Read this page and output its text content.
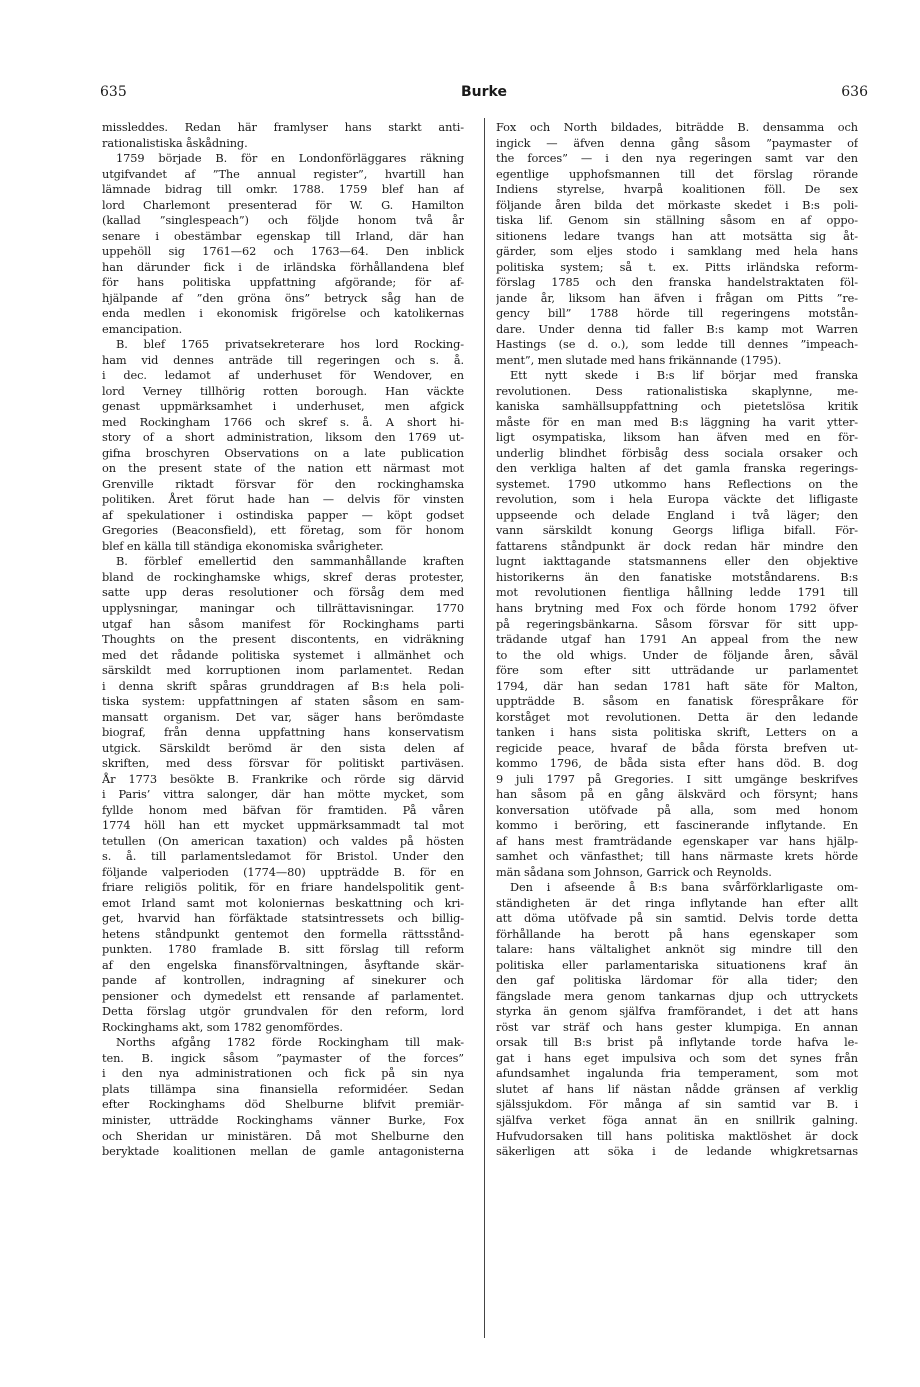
635	Burke	636
missleddes. Redan här framlyser hans starkt anti-
rationalistiska åskådning.
1759 började B. för en Londonförläggares räkning
utgifvandet af ”The annual register”, hvartill han
lämnade bidrag till omkr. 1788. 1759 blef han af
lord Charlemont presenterad för W. G. Hamilton
(kallad ”singlespeach”) och följde honom två år
senare i obestämbar egenskap till Irland, där han
uppehöll sig 1761—62 och 1763—64. Den inblick
han därunder fick i de irländska förhållandena blef
för hans politiska uppfattning afgörande; för af-
hjälpande af ”den gröna öns” betryck såg han de
enda medlen i ekonomisk frigörelse och katolikernas
emancipation.
B. blef 1765 privatsekreterare hos lord Rocking-
ham vid dennes anträde till regeringen och s. å.
i dec. ledamot af underhuset för Wendover, en
lord Verney tillhörig rotten borough. Han väckte
genast uppmärksamhet i underhuset, men afgick
med Rockingham 1766 och skref s. å. A short hi-
story of a short administration, liksom den 1769 ut-
gifna broschyren Observations on a late publication
on the present state of the nation ett närmast mot
Grenville riktadt försvar för den rockinghamska
politiken. Året förut hade han — delvis för vinsten
af spekulationer i ostindiska papper — köpt godset
Gregories (Beaconsfield), ett företag, som för honom
blef en källa till ständiga ekonomiska svårigheter.
B. förblef emellertid den sammanhållande kraften
bland de rockinghamske whigs, skref deras protester,
satte upp deras resolutioner och försåg dem med
upplysningar, maningar och tillrättavisningar. 1770
utgaf han såsom manifest för Rockinghams parti
Thoughts on the present discontents, en vidräkning
med det rådande politiska systemet i allmänhet och
särskildt med korruptionen inom parlamentet. Redan
i denna skrift spåras grunddragen af B:s hela poli-
tiska system: uppfattningen af staten såsom en sam-
mansatt organism. Det var, säger hans berömdaste
biograf, från denna uppfattning hans konservatism
utgick. Särskildt berömd är den sista delen af
skriften, med dess försvar för politiskt partiväsen.
År 1773 besökte B. Frankrike och rörde sig därvid
i Paris’ vittra salonger, där han mötte mycket, som
fyllde honom med bäfvan för framtiden. På våren
1774 höll han ett mycket uppmärksammadt tal mot
tetullen (On american taxation) och valdes på hösten
s. å. till parlamentsledamot för Bristol. Under den
följande valperioden (1774—80) uppträdde B. för en
friare religiös politik, för en friare handelspolitik gent-
emot Irland samt mot koloniernas beskattning och kri-
get, hvarvid han förfäktade statsintressets och billig-
hetens ståndpunkt gentemot den formella rättsstånd-
punkten. 1780 framlade B. sitt förslag till reform
af den engelska finansförvaltningen, åsyftande skär-
pande af kontrollen, indragning af sinekurer och
pensioner och dymedelst ett rensande af parlamentet.
Detta förslag utgör grundvalen för den reform, lord
Rockinghams akt, som 1782 genomfördes.
Norths afgång 1782 förde Rockingham till mak-
ten. B. ingick såsom ”paymaster of the forces”
i den nya administrationen och fick på sin nya
plats tillämpa sina finansiella reformidéer. Sedan
efter Rockinghams död Shelburne blifvit premiär-
minister, utträdde Rockinghams vänner Burke, Fox
och Sheridan ur ministären. Då mot Shelburne den
beryktade koalitionen mellan de gamle antagonisterna
Fox och North bildades, biträdde B. densamma och
ingick — äfven denna gång såsom ”paymaster of
the forces” — i den nya regeringen samt var den
egentlige upphofsmannen till det förslag rörande
Indiens styrelse, hvarpå koalitionen föll. De sex
följande åren bilda det mörkaste skedet i B:s poli-
tiska lif. Genom sin ställning såsom en af oppo-
sitionens ledare tvangs han att motsätta sig åt-
gärder, som eljes stodo i samklang med hela hans
politiska system; så t. ex. Pitts irländska reform-
förslag 1785 och den franska handelstraktaten föl-
jande år, liksom han äfven i frågan om Pitts ”re-
gency bill” 1788 hörde till regeringens motstån-
dare. Under denna tid faller B:s kamp mot Warren
Hastings (se d. o.), som ledde till dennes ”impeach-
ment”, men slutade med hans frikännande (1795).
Ett nytt skede i B:s lif börjar med franska
revolutionen. Dess rationalistiska skaplynne, me-
kaniska samhällsuppfattning och pietetslösa kritik
måste för en man med B:s läggning ha varit ytter-
ligt osympatiska, liksom han äfven med en för-
underlig blindhet förbisåg dess sociala orsaker och
den verkliga halten af det gamla franska regerings-
systemet. 1790 utkommo hans Reflections on the
revolution, som i hela Europa väckte det lifligaste
uppseende och delade England i två läger; den
vann särskildt konung Georgs lifliga bifall. För-
fattarens ståndpunkt är dock redan här mindre den
lugnt iakttagande statsmannens eller den objektive
historikerns än den fanatiske motståndarens. B:s
mot revolutionen fientliga hållning ledde 1791 till
hans brytning med Fox och förde honom 1792 öfver
på regeringsbänkarna. Såsom försvar för sitt upp-
trädande utgaf han 1791 An appeal from the new
to the old whigs. Under de följande åren, såväl
före som efter sitt utträdande ur parlamentet
1794, där han sedan 1781 haft säte för Malton,
uppträdde B. såsom en fanatisk förespråkare för
korståget mot revolutionen. Detta är den ledande
tanken i hans sista politiska skrift, Letters on a
regicide peace, hvaraf de båda första brefven ut-
kommo 1796, de båda sista efter hans död. B. dog
9 juli 1797 på Gregories. I sitt umgänge beskrifves
han såsom på en gång älskvärd och försynt; hans
konversation utöfvade på alla, som med honom
kommo i beröring, ett fascinerande inflytande. En
af hans mest framträdande egenskaper var hans hjälp-
samhet och vänfasthet; till hans närmaste krets hörde
män sådana som Johnson, Garrick och Reynolds.
Den i afseende å B:s bana svårförklarligaste om-
ständigheten är det ringa inflytande han efter allt
att döma utöfvade på sin samtid. Delvis torde detta
förhållande ha berott på hans egenskaper som
talare: hans vältalighet anknöt sig mindre till den
politiska eller parlamentariska situationens kraf än
den gaf politiska lärdomar för alla tider; den
fängslade mera genom tankarnas djup och uttryckets
styrka än genom själfva framförandet, i det att hans
röst var sträf och hans gester klumpiga. En annan
orsak till B:s brist på inflytande torde hafva le-
gat i hans eget impulsiva och som det synes från
afundsamhet ingalunda fria temperament, som mot
slutet af hans lif nästan nådde gränsen af verklig
själssjukdom. För många af sin samtid var B. i
själfva verket föga annat än en snillrik galning.
Hufvudorsaken till hans politiska maktlöshet är dock
säkerligen att söka i de ledande whigkretsarnas
